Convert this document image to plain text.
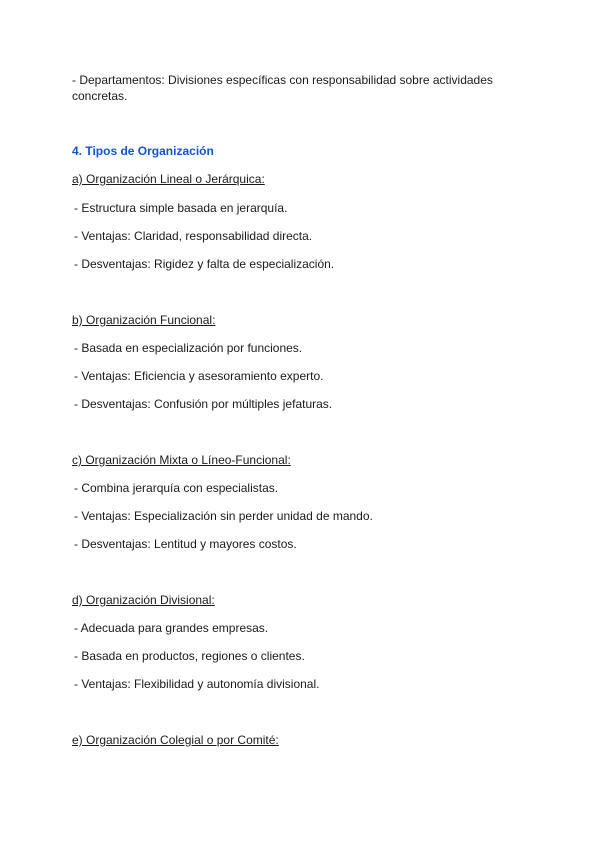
- Departamentos: Divisiones específicas con responsabilidad sobre actividades concretas.
4. Tipos de Organización
a) Organización Lineal o Jerárquica:
- Estructura simple basada en jerarquía.
- Ventajas: Claridad, responsabilidad directa.
- Desventajas: Rigidez y falta de especialización.
b) Organización Funcional:
- Basada en especialización por funciones.
- Ventajas: Eficiencia y asesoramiento experto.
- Desventajas: Confusión por múltiples jefaturas.
c) Organización Mixta o Líneo-Funcional:
- Combina jerarquía con especialistas.
- Ventajas: Especialización sin perder unidad de mando.
- Desventajas: Lentitud y mayores costos.
d) Organización Divisional:
- Adecuada para grandes empresas.
- Basada en productos, regiones o clientes.
- Ventajas: Flexibilidad y autonomía divisional.
e) Organización Colegial o por Comité:
